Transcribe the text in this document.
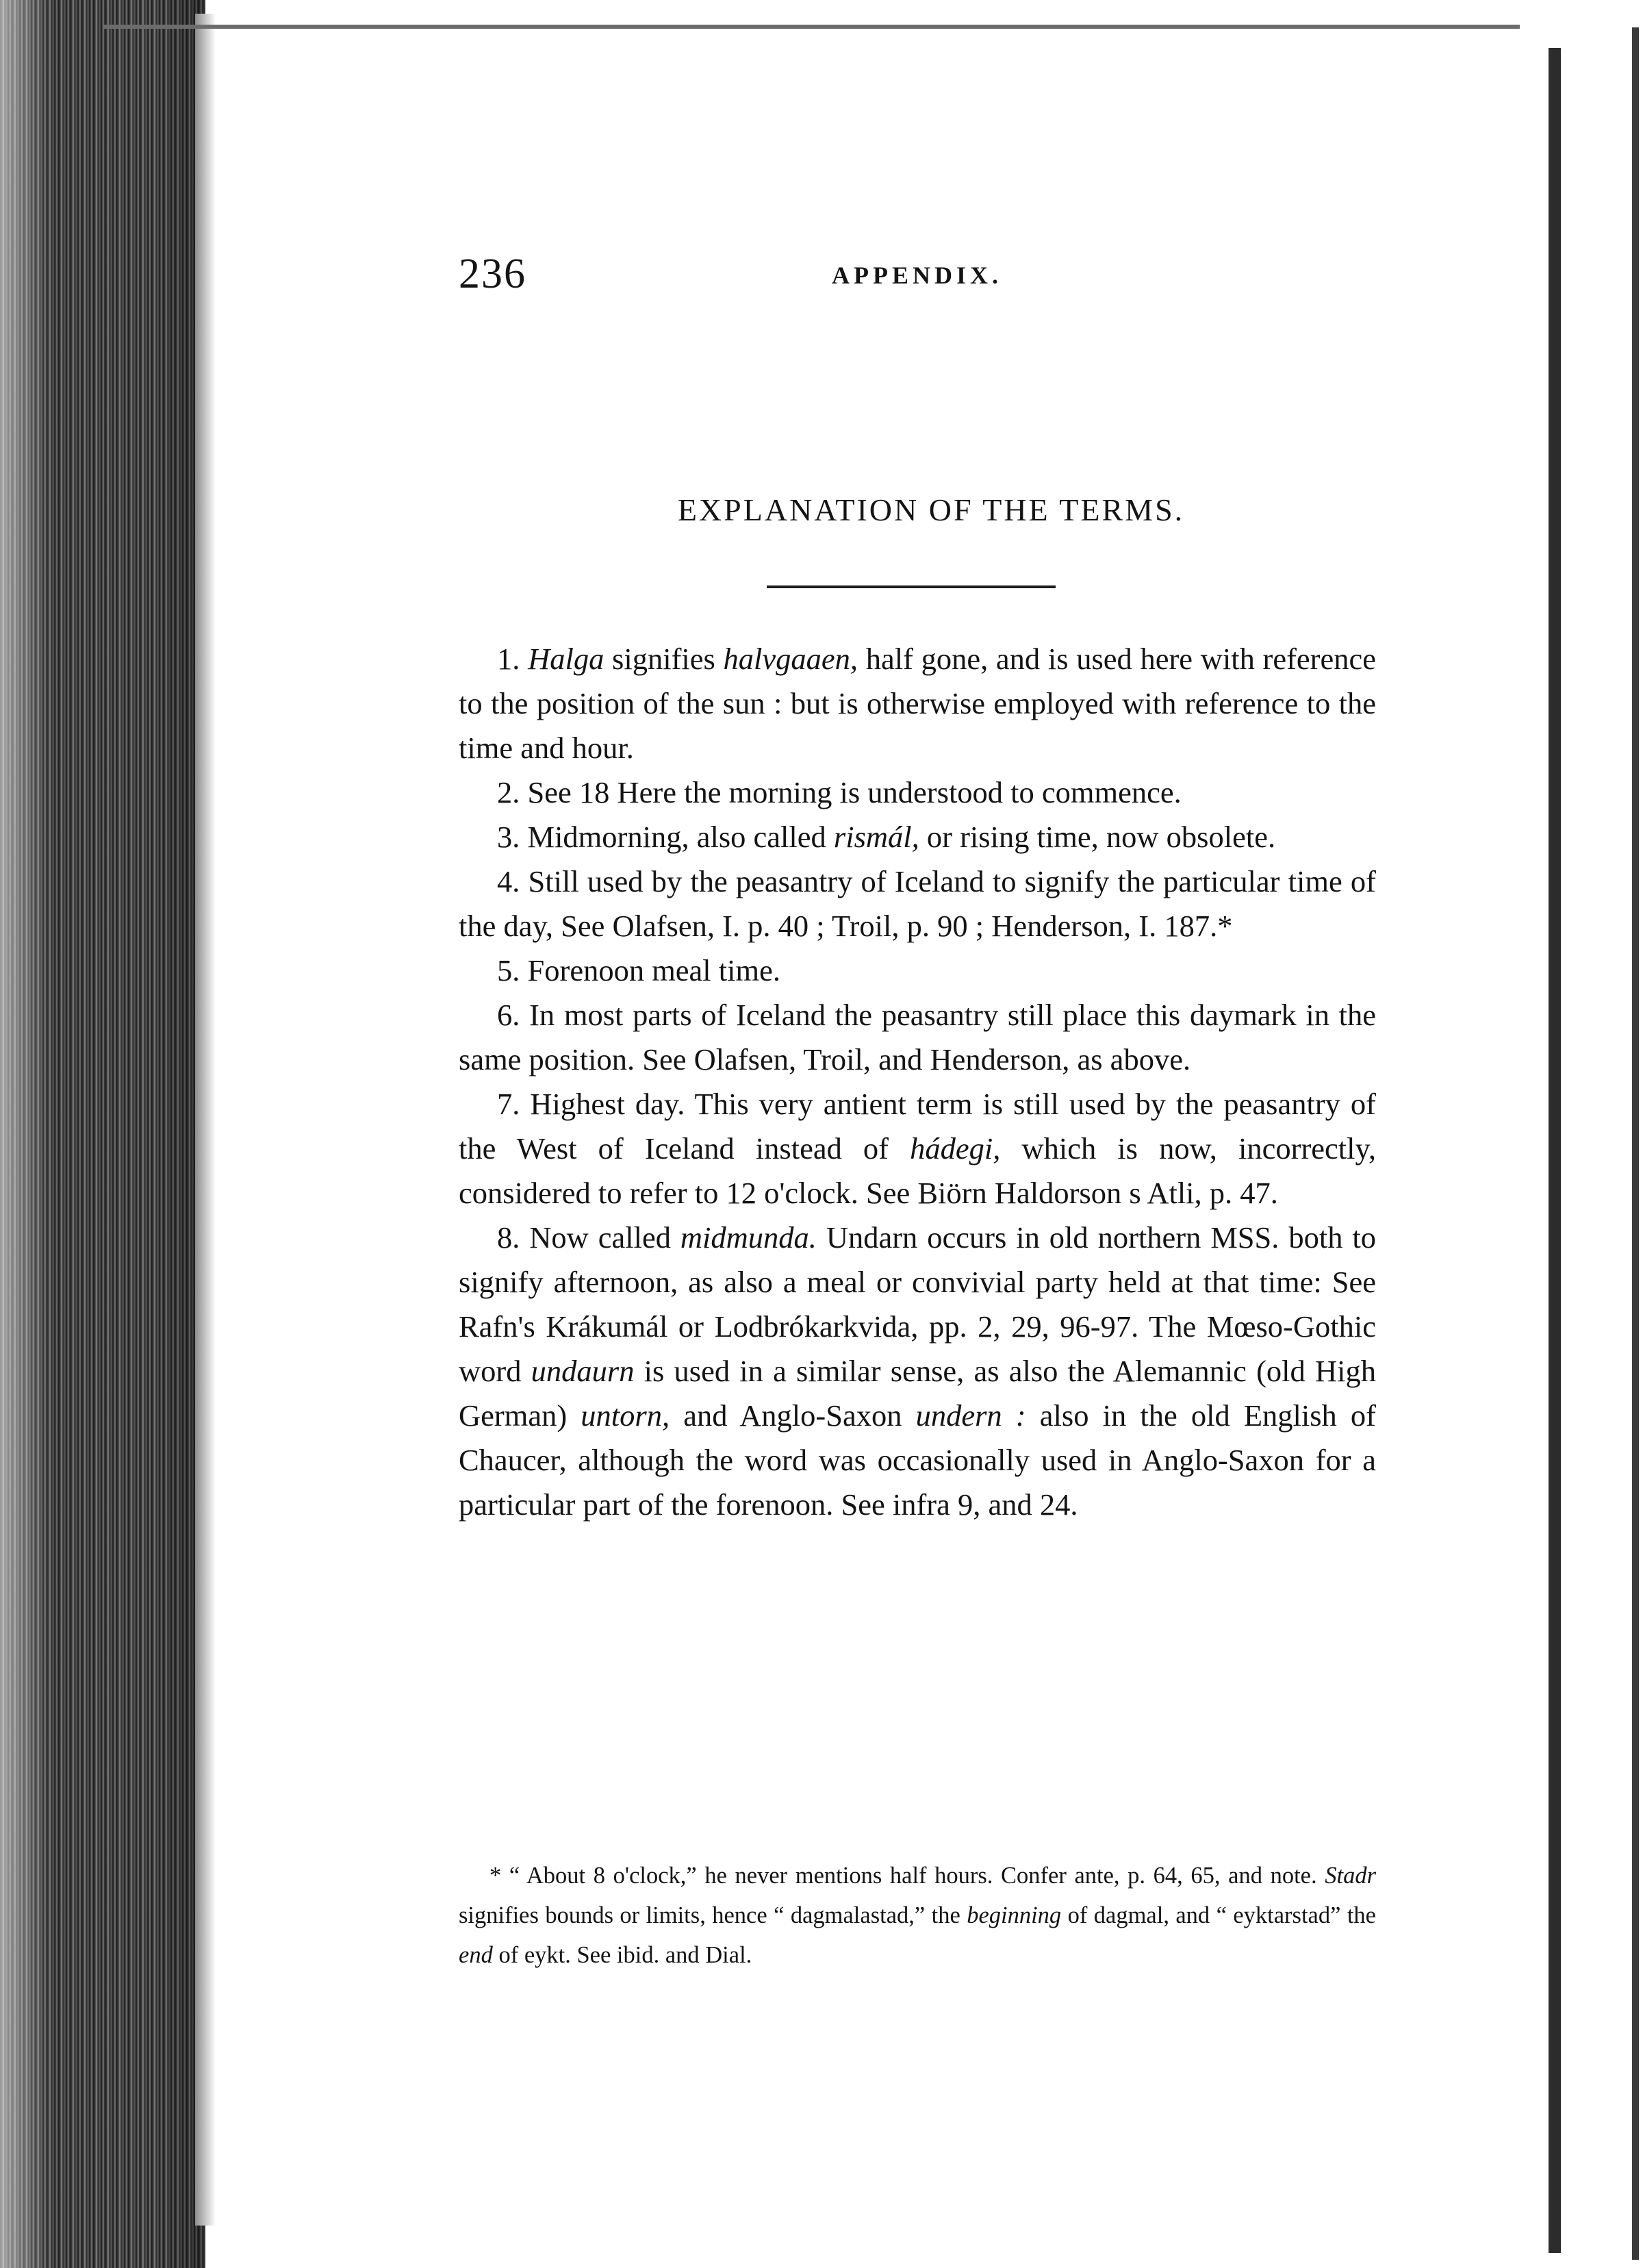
236	APPENDIX.
EXPLANATION OF THE TERMS.

1. Halga signifies halvgaaen, half gone, and is used here with reference to the position of the sun : but is otherwise employed with reference to the time and hour.

2. See 18 Here the morning is understood to commence.

3. Midmorning, also called rismál, or rising time, now obsolete.

4. Still used by the peasantry of Iceland to signify the particular time of the day, See Olafsen, I. p. 40 ; Troil, p. 90 ; Henderson, I. 187.*

5. Forenoon meal time.

6. In most parts of Iceland the peasantry still place this daymark in the same position. See Olafsen, Troil, and Henderson, as above.

7. Highest day. This very antient term is still used by the peasantry of the West of Iceland instead of hádegi, which is now, incorrectly, considered to refer to 12 o'clock. See Biörn Haldorson s Atli, p. 47.

8. Now called midmunda. Undarn occurs in old northern MSS. both to signify afternoon, as also a meal or convivial party held at that time: See Rafn's Krákumál or Lodbrókarkvida, pp. 2, 29, 96-97. The Mœso-Gothic word undaurn is used in a similar sense, as also the Alemannic (old High German) untorn, and Anglo-Saxon undern : also in the old English of Chaucer, although the word was occasionally used in Anglo-Saxon for a particular part of the forenoon. See infra 9, and 24.

* “ About 8 o'clock,” he never mentions half hours. Confer ante, p. 64, 65, and note. Stadr signifies bounds or limits, hence “ dagmalastad,” the beginning of dagmal, and “ eyktarstad” the end of eykt. See ibid. and Dial.
